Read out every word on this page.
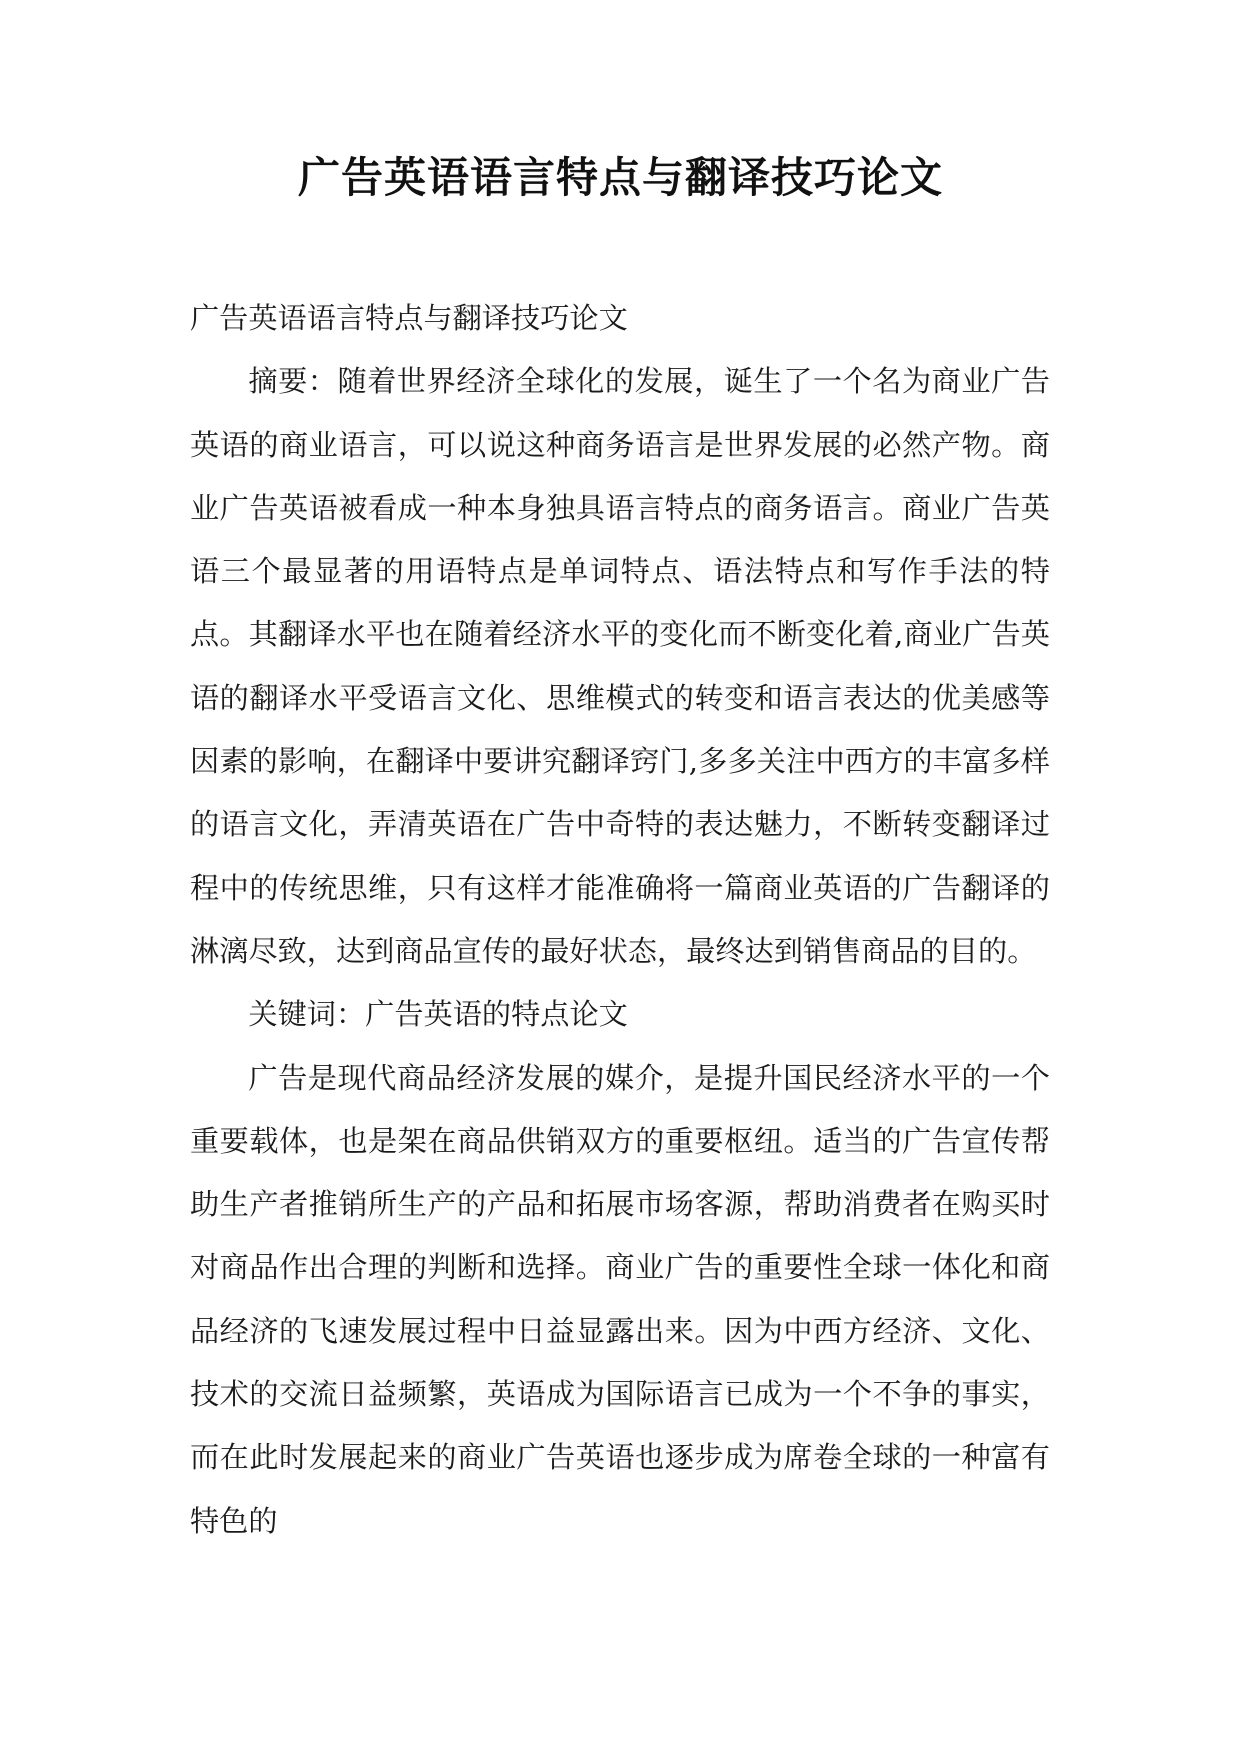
广告英语语言特点与翻译技巧论文

广告英语语言特点与翻译技巧论文

摘要：随着世界经济全球化的发展，诞生了一个名为商业广告英语的商业语言，可以说这种商务语言是世界发展的必然产物。商业广告英语被看成一种本身独具语言特点的商务语言。商业广告英语三个最显著的用语特点是单词特点、语法特点和写作手法的特点。其翻译水平也在随着经济水平的变化而不断变化着,商业广告英语的翻译水平受语言文化、思维模式的转变和语言表达的优美感等因素的影响，在翻译中要讲究翻译窍门,多多关注中西方的丰富多样的语言文化，弄清英语在广告中奇特的表达魅力，不断转变翻译过程中的传统思维，只有这样才能准确将一篇商业英语的广告翻译的淋漓尽致，达到商品宣传的最好状态，最终达到销售商品的目的。

关键词：广告英语的特点论文

广告是现代商品经济发展的媒介，是提升国民经济水平的一个重要载体，也是架在商品供销双方的重要枢纽。适当的广告宣传帮助生产者推销所生产的产品和拓展市场客源，帮助消费者在购买时对商品作出合理的判断和选择。商业广告的重要性全球一体化和商品经济的飞速发展过程中日益显露出来。因为中西方经济、文化、技术的交流日益频繁，英语成为国际语言已成为一个不争的事实，而在此时发展起来的商业广告英语也逐步成为席卷全球的一种富有特色的
